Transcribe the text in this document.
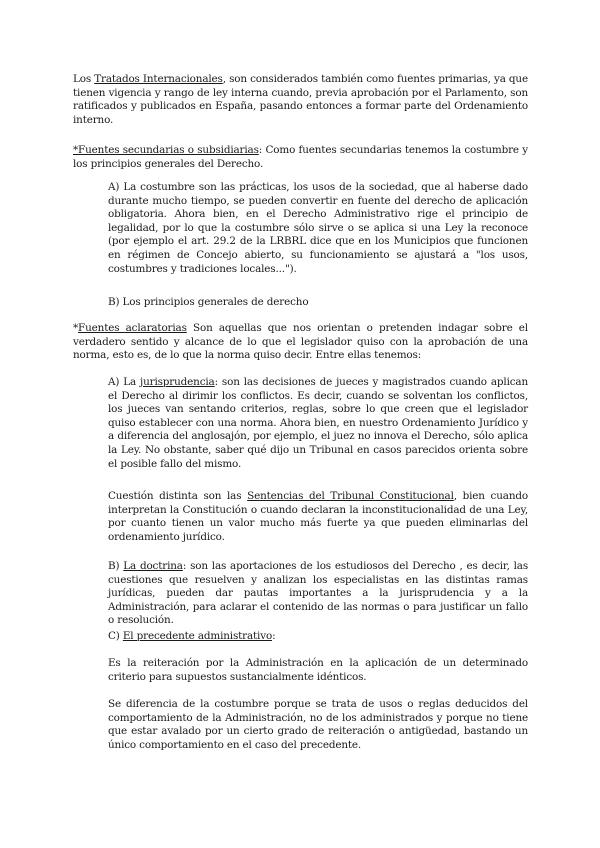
Los Tratados Internacionales, son considerados también como fuentes primarias, ya que tienen vigencia y rango de ley interna cuando, previa aprobación por el Parlamento, son ratificados y publicados en España, pasando entonces a formar parte del Ordenamiento interno.

*Fuentes secundarias o subsidiarias: Como fuentes secundarias tenemos la costumbre y los principios generales del Derecho.

A) La costumbre son las prácticas, los usos de la sociedad, que al haberse dado durante mucho tiempo, se pueden convertir en fuente del derecho de aplicación obligatoria. Ahora bien, en el Derecho Administrativo rige el principio de legalidad, por lo que la costumbre sólo sirve o se aplica si una Ley la reconoce (por ejemplo el art. 29.2 de la LRBRL dice que en los Municipios que funcionen en régimen de Concejo abierto, su funcionamiento se ajustará a "los usos, costumbres y tradiciones locales...").

B) Los principios generales de derecho

*Fuentes aclaratorias Son aquellas que nos orientan o pretenden indagar sobre el verdadero sentido y alcance de lo que el legislador quiso con la aprobación de una norma, esto es, de lo que la norma quiso decir. Entre ellas tenemos:

A) La jurisprudencia: son las decisiones de jueces y magistrados cuando aplican el Derecho al dirimir los conflictos. Es decir, cuando se solventan los conflictos, los jueces van sentando criterios, reglas, sobre lo que creen que el legislador quiso establecer con una norma. Ahora bien, en nuestro Ordenamiento Jurídico y a diferencia del anglosajón, por ejemplo, el juez no innova el Derecho, sólo aplica la Ley. No obstante, saber qué dijo un Tribunal en casos parecidos orienta sobre el posible fallo del mismo.

Cuestión distinta son las Sentencias del Tribunal Constitucional, bien cuando interpretan la Constitución o cuando declaran la inconstitucionalidad de una Ley, por cuanto tienen un valor mucho más fuerte ya que pueden eliminarlas del ordenamiento jurídico.

B) La doctrina: son las aportaciones de los estudiosos del Derecho , es decir, las cuestiones que resuelven y analizan los especialistas en las distintas ramas jurídicas, pueden dar pautas importantes a la jurisprudencia y a la Administración, para aclarar el contenido de las normas o para justificar un fallo o resolución.

C) El precedente administrativo:

Es la reiteración por la Administración en la aplicación de un determinado criterio para supuestos sustancialmente idénticos.

Se diferencia de la costumbre porque se trata de usos o reglas deducidos del comportamiento de la Administración, no de los administrados y porque no tiene que estar avalado por un cierto grado de reiteración o antigüedad, bastando un único comportamiento en el caso del precedente.
